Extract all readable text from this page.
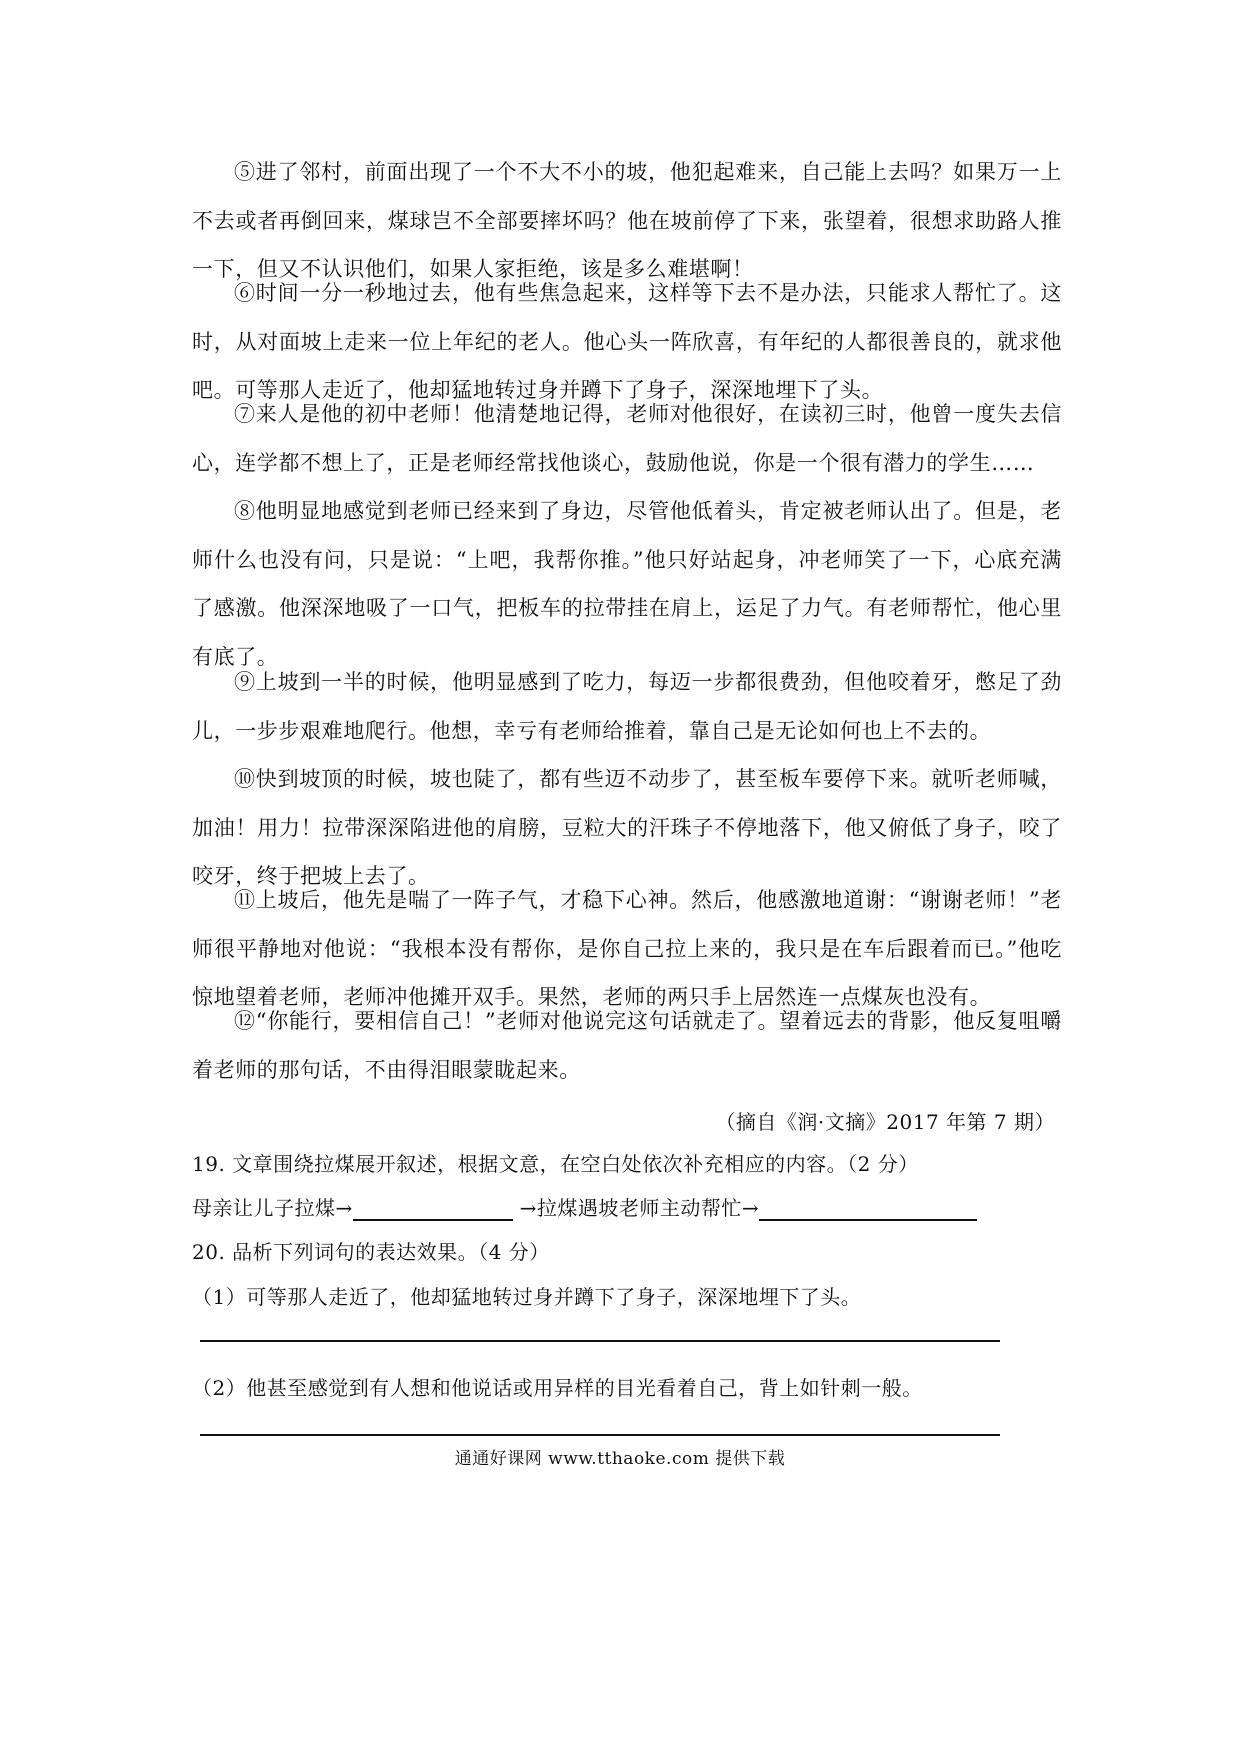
⑤进了邻村，前面出现了一个不大不小的坡，他犯起难来，自己能上去吗？如果万一上不去或者再倒回来，煤球岂不全部要摔坏吗？他在坡前停了下来，张望着，很想求助路人推一下，但又不认识他们，如果人家拒绝，该是多么难堪啊！

⑥时间一分一秒地过去，他有些焦急起来，这样等下去不是办法，只能求人帮忙了。这时，从对面坡上走来一位上年纪的老人。他心头一阵欣喜，有年纪的人都很善良的，就求他吧。可等那人走近了，他却猛地转过身并蹲下了身子，深深地埋下了头。

⑦来人是他的初中老师！他清楚地记得，老师对他很好，在读初三时，他曾一度失去信心，连学都不想上了，正是老师经常找他谈心，鼓励他说，你是一个很有潜力的学生……

⑧他明显地感觉到老师已经来到了身边，尽管他低着头，肯定被老师认出了。但是，老师什么也没有问，只是说：“上吧，我帮你推。”他只好站起身，冲老师笑了一下，心底充满了感激。他深深地吸了一口气，把板车的拉带挂在肩上，运足了力气。有老师帮忙，他心里有底了。

⑨上坡到一半的时候，他明显感到了吃力，每迈一步都很费劲，但他咬着牙，憋足了劲儿，一步步艰难地爬行。他想，幸亏有老师给推着，靠自己是无论如何也上不去的。

⑩快到坡顶的时候，坡也陡了，都有些迈不动步了，甚至板车要停下来。就听老师喊，加油！用力！拉带深深陷进他的肩膀，豆粒大的汗珠子不停地落下，他又俯低了身子，咬了咬牙，终于把坡上去了。

⑪上坡后，他先是喘了一阵子气，才稳下心神。然后，他感激地道谢：“谢谢老师！”老师很平静地对他说：“我根本没有帮你，是你自己拉上来的，我只是在车后跟着而已。”他吃惊地望着老师，老师冲他摊开双手。果然，老师的两只手上居然连一点煤灰也没有。

⑫“你能行，要相信自己！”老师对他说完这句话就走了。望着远去的背影，他反复咀嚼着老师的那句话，不由得泪眼蒙眬起来。

（摘自《润·文摘》2017 年第 7 期）

19. 文章围绕拉煤展开叙述，根据文意，在空白处依次补充相应的内容。（2 分）

母亲让儿子拉煤→	→拉煤遇坡老师主动帮忙→

20. 品析下列词句的表达效果。（4 分）

（1）可等那人走近了，他却猛地转过身并蹲下了身子，深深地埋下了头。

（2）他甚至感觉到有人想和他说话或用异样的目光看着自己，背上如针刺一般。

通通好课网 www.tthaoke.com 提供下载
